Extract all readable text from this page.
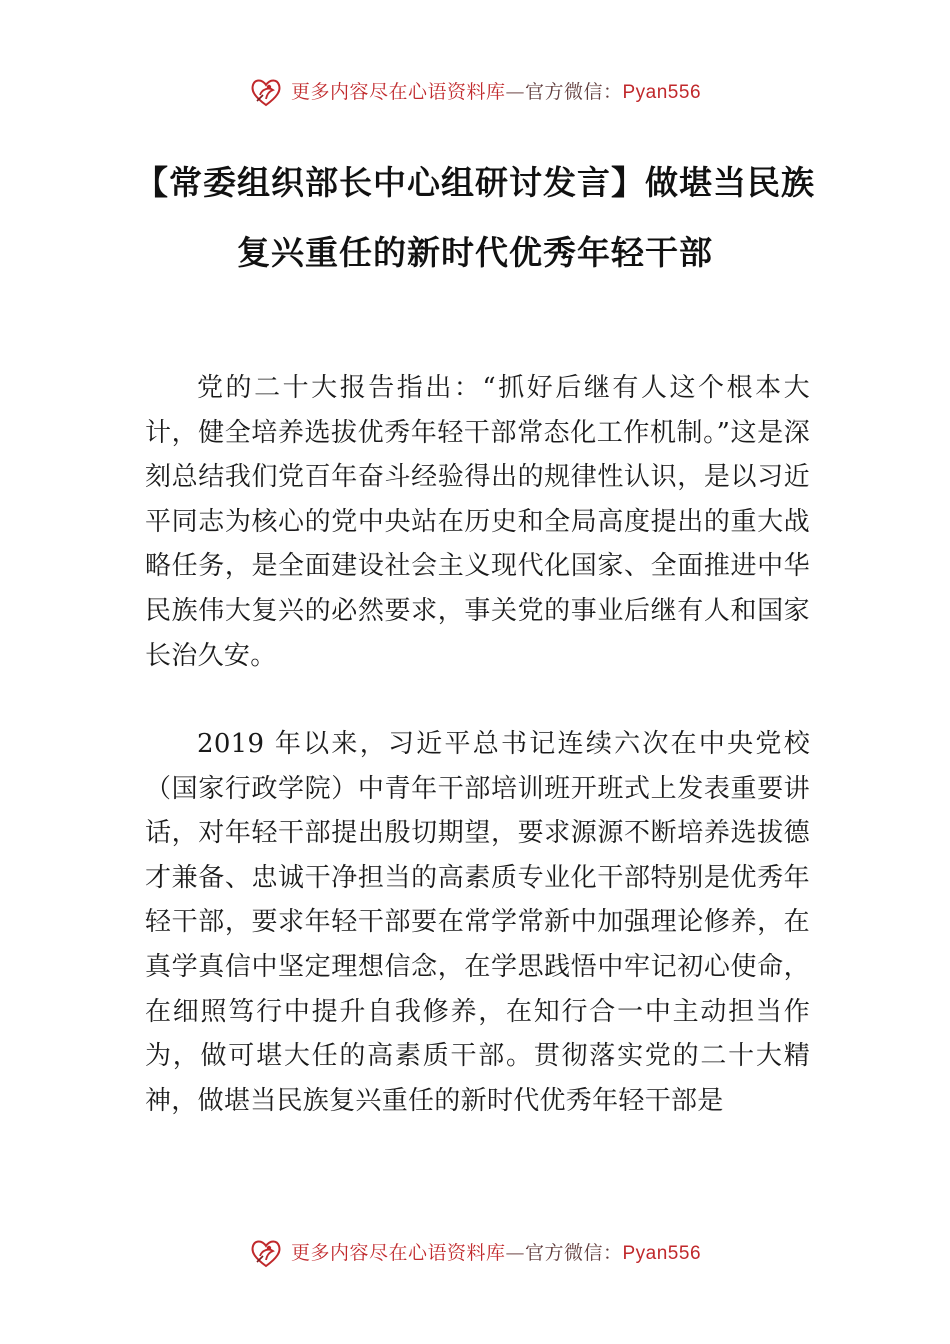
更多内容尽在心语资料库—官方微信：Pyan556
【常委组织部长中心组研讨发言】做堪当民族复兴重任的新时代优秀年轻干部

党的二十大报告指出：“抓好后继有人这个根本大计，健全培养选拔优秀年轻干部常态化工作机制。”这是深刻总结我们党百年奋斗经验得出的规律性认识，是以习近平同志为核心的党中央站在历史和全局高度提出的重大战略任务，是全面建设社会主义现代化国家、全面推进中华民族伟大复兴的必然要求，事关党的事业后继有人和国家长治久安。

2019 年以来，习近平总书记连续六次在中央党校（国家行政学院）中青年干部培训班开班式上发表重要讲话，对年轻干部提出殷切期望，要求源源不断培养选拔德才兼备、忠诚干净担当的高素质专业化干部特别是优秀年轻干部，要求年轻干部要在常学常新中加强理论修养，在真学真信中坚定理想信念，在学思践悟中牢记初心使命，在细照笃行中提升自我修养，在知行合一中主动担当作为，做可堪大任的高素质干部。贯彻落实党的二十大精神，做堪当民族复兴重任的新时代优秀年轻干部是

更多内容尽在心语资料库—官方微信：Pyan556
